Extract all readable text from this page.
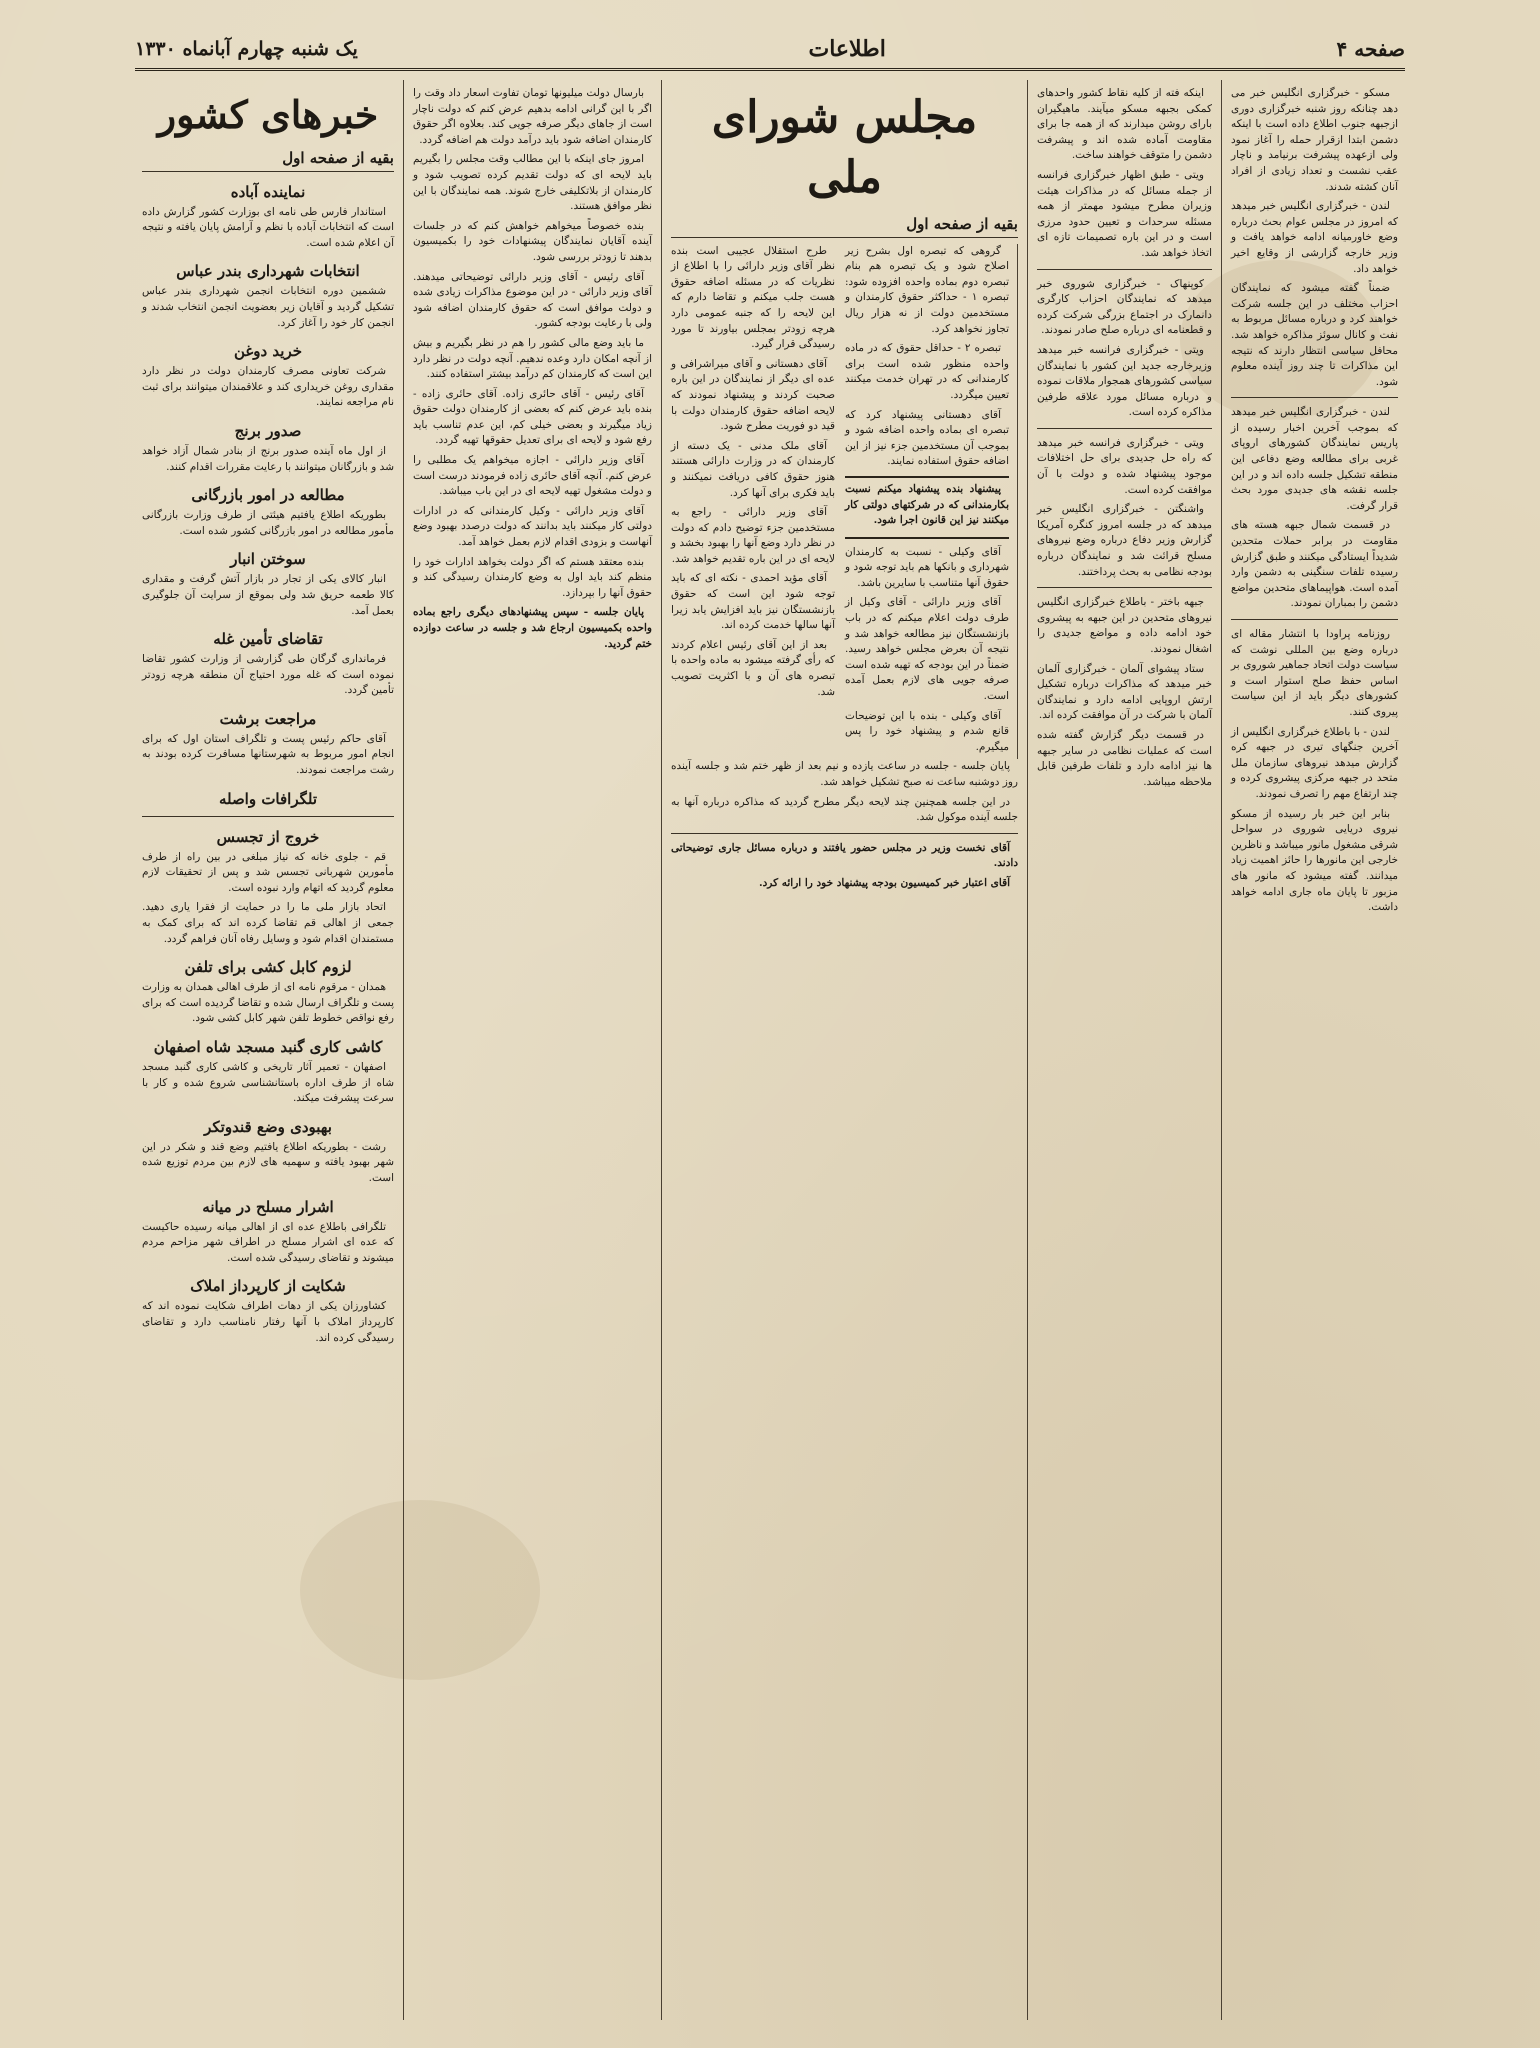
صفحه ۴
اطلاعات
یک شنبه چهارم آبانماه ۱۳۳۰

مسکو - خبرگزاری انگلیس خبر می دهد چنانکه روز شنبه خبرگزاری دوری ازجبهه جنوب اطلاع داده است با اینکه دشمن ابتدا ازقرار حمله را آغاز نمود ولی ازعهده پیشرفت برنیامد و ناچار عقب نشست و تعداد زیادی از افراد آنان کشته شدند.

لندن - خبرگزاری انگلیس خبر میدهد که امروز در مجلس عوام بحث درباره وضع خاورمیانه ادامه خواهد یافت و وزیر خارجه گزارشی از وقایع اخیر خواهد داد.

ضمناً گفته میشود که نمایندگان احزاب مختلف در این جلسه شرکت خواهند کرد و درباره مسائل مربوط به نفت و کانال سوئز مذاکره خواهد شد. محافل سیاسی انتظار دارند که نتیجه این مذاکرات تا چند روز آینده معلوم شود.

لندن - خبرگزاری انگلیس خبر میدهد که بموجب آخرین اخبار رسیده از پاریس نمایندگان کشورهای اروپای غربی برای مطالعه وضع دفاعی این منطقه تشکیل جلسه داده اند و در این جلسه نقشه های جدیدی مورد بحث قرار گرفت.

در قسمت شمال جبهه هسته های مقاومت در برابر حملات متحدین شدیداً ایستادگی میکنند و طبق گزارش رسیده تلفات سنگینی به دشمن وارد آمده است. هواپیماهای متحدین مواضع دشمن را بمباران نمودند.

روزنامه پراودا با انتشار مقاله ای درباره وضع بین المللی نوشت که سیاست دولت اتحاد جماهیر شوروی بر اساس حفظ صلح استوار است و کشورهای دیگر باید از این سیاست پیروی کنند.

لندن - با باطلاع خبرگزاری انگلیس از آخرین جنگهای تیری در جبهه کره گزارش میدهد نیروهای سازمان ملل متحد در جبهه مرکزی پیشروی کرده و چند ارتفاع مهم را تصرف نمودند.

بنابر این خبر بار رسیده از مسکو نیروی دریایی شوروی در سواحل شرقی مشغول مانور میباشد و ناظرین خارجی این مانورها را حائز اهمیت زیاد میدانند. گفته میشود که مانور های مزبور تا پایان ماه جاری ادامه خواهد داشت.

اینکه فته از کلیه نقاط کشور واحدهای کمکی بجبهه مسکو میآیند. ماهیگیران بارای روشن میدارند که از همه جا برای مقاومت آماده شده اند و پیشرفت دشمن را متوقف خواهند ساخت.

ویتی - طبق اظهار خبرگزاری فرانسه از جمله مسائل که در مذاکرات هیئت وزیران مطرح میشود مهمتر از همه مسئله سرحدات و تعیین حدود مرزی است و در این باره تصمیمات تازه ای اتخاذ خواهد شد.

کوپنهاک - خبرگزاری شوروی خبر میدهد که نمایندگان احزاب کارگری دانمارک در اجتماع بزرگی شرکت کرده و قطعنامه ای درباره صلح صادر نمودند.

ویتی - خبرگزاری فرانسه خبر میدهد وزیرخارجه جدید این کشور با نمایندگان سیاسی کشورهای همجوار ملاقات نموده و درباره مسائل مورد علاقه طرفین مذاکره کرده است.

ویتی - خبرگزاری فرانسه خبر میدهد که راه حل جدیدی برای حل اختلافات موجود پیشنهاد شده و دولت با آن موافقت کرده است.

واشنگتن - خبرگزاری انگلیس خبر میدهد که در جلسه امروز کنگره آمریکا گزارش وزیر دفاع درباره وضع نیروهای مسلح قرائت شد و نمایندگان درباره بودجه نظامی به بحث پرداختند.

جبهه باختر - باطلاع خبرگزاری انگلیس نیروهای متحدین در این جبهه به پیشروی خود ادامه داده و مواضع جدیدی را اشغال نمودند.

ستاد پیشوای آلمان - خبرگزاری آلمان خبر میدهد که مذاکرات درباره تشکیل ارتش اروپایی ادامه دارد و نمایندگان آلمان با شرکت در آن موافقت کرده اند.

در قسمت دیگر گزارش گفته شده است که عملیات نظامی در سایر جبهه ها نیز ادامه دارد و تلفات طرفین قابل ملاحظه میباشد.

مجلس شورای ملی
بقیه از صفحه اول

طرح استقلال عجیبی است بنده نظر آقای وزیر دارائی را با اطلاع از نظریات که در مسئله اضافه حقوق هست جلب میکنم و تقاضا دارم که این لایحه را که جنبه عمومی دارد هرچه زودتر بمجلس بیاورند تا مورد رسیدگی قرار گیرد.

آقای دهستانی و آقای میراشرافی و عده ای دیگر از نمایندگان در این باره صحبت کردند و پیشنهاد نمودند که لایحه اضافه حقوق کارمندان دولت با قید دو فوریت مطرح شود.

آقای ملک مدنی - یک دسته از کارمندان که در وزارت دارائی هستند هنوز حقوق کافی دریافت نمیکنند و باید فکری برای آنها کرد.

آقای وزیر دارائی - راجع به مستخدمین جزء توضیح دادم که دولت در نظر دارد وضع آنها را بهبود بخشد و لایحه ای در این باره تقدیم خواهد شد.

آقای مؤید احمدی - نکته ای که باید توجه شود این است که حقوق بازنشستگان نیز باید افزایش یابد زیرا آنها سالها خدمت کرده اند.

بعد از این آقای رئیس اعلام کردند که رأی گرفته میشود به ماده واحده با تبصره های آن و با اکثریت تصویب شد.

گروهی که تبصره اول بشرح زیر اصلاح شود و یک تبصره هم بنام تبصره دوم بماده واحده افزوده شود: تبصره ۱ - حداکثر حقوق کارمندان و مستخدمین دولت از نه هزار ریال تجاوز نخواهد کرد.

تبصره ۲ - حداقل حقوق که در ماده واحده منظور شده است برای کارمندانی که در تهران خدمت میکنند تعیین میگردد.

آقای دهستانی پیشنهاد کرد که تبصره ای بماده واحده اضافه شود و بموجب آن مستخدمین جزء نیز از این اضافه حقوق استفاده نمایند.

پیشنهاد بنده پیشنهاد میکنم نسبت بکارمندانی که در شرکتهای دولتی کار میکنند نیز این قانون اجرا شود.

آقای وکیلی - نسبت به کارمندان شهرداری و بانکها هم باید توجه شود و حقوق آنها متناسب با سایرین باشد.

آقای وزیر دارائی - آقای وکیل از طرف دولت اعلام میکنم که در باب بازنشستگان نیز مطالعه خواهد شد و نتیجه آن بعرض مجلس خواهد رسید. ضمناً در این بودجه که تهیه شده است صرفه جویی های لازم بعمل آمده است.

آقای وکیلی - بنده با این توضیحات قانع شدم و پیشنهاد خود را پس میگیرم.

پایان جلسه - جلسه در ساعت یازده و نیم بعد از ظهر ختم شد و جلسه آینده روز دوشنبه ساعت نه صبح تشکیل خواهد شد.

در این جلسه همچنین چند لایحه دیگر مطرح گردید که مذاکره درباره آنها به جلسه آینده موکول شد.

آقای نخست وزیر در مجلس حضور یافتند و درباره مسائل جاری توضیحاتی دادند.

آقای اعتبار خبر کمیسیون بودجه پیشنهاد خود را ارائه کرد.

بارسال دولت میلیونها تومان تفاوت اسعار داد وقت را اگر با این گرانی ادامه بدهیم عرض کنم که دولت ناچار است از جاهای دیگر صرفه جویی کند. بعلاوه اگر حقوق کارمندان اضافه شود باید درآمد دولت هم اضافه گردد.

امروز جای اینکه با این مطالب وقت مجلس را بگیریم باید لایحه ای که دولت تقدیم کرده تصویب شود و کارمندان از بلاتکلیفی خارج شوند. همه نمایندگان با این نظر موافق هستند.

بنده خصوصاً میخواهم خواهش کنم که در جلسات آینده آقایان نمایندگان پیشنهادات خود را بکمیسیون بدهند تا زودتر بررسی شود.

آقای رئیس - آقای وزیر دارائی توضیحاتی میدهند. آقای وزیر دارائی - در این موضوع مذاکرات زیادی شده و دولت موافق است که حقوق کارمندان اضافه شود ولی با رعایت بودجه کشور.

ما باید وضع مالی کشور را هم در نظر بگیریم و بیش از آنچه امکان دارد وعده ندهیم. آنچه دولت در نظر دارد این است که کارمندان کم درآمد بیشتر استفاده کنند.

آقای رئیس - آقای حائری زاده. آقای حائری زاده - بنده باید عرض کنم که بعضی از کارمندان دولت حقوق زیاد میگیرند و بعضی خیلی کم، این عدم تناسب باید رفع شود و لایحه ای برای تعدیل حقوقها تهیه گردد.

آقای وزیر دارائی - اجازه میخواهم یک مطلبی را عرض کنم. آنچه آقای حائری زاده فرمودند درست است و دولت مشغول تهیه لایحه ای در این باب میباشد.

آقای وزیر دارائی - وکیل کارمندانی که در ادارات دولتی کار میکنند باید بدانند که دولت درصدد بهبود وضع آنهاست و بزودی اقدام لازم بعمل خواهد آمد.

بنده معتقد هستم که اگر دولت بخواهد ادارات خود را منظم کند باید اول به وضع کارمندان رسیدگی کند و حقوق آنها را بپردازد.

پایان جلسه - سپس پیشنهادهای دیگری راجع بماده واحده بکمیسیون ارجاع شد و جلسه در ساعت دوازده ختم گردید.

خبرهای کشور
بقیه از صفحه اول
نماینده آباده

استاندار فارس طی نامه ای بوزارت کشور گزارش داده است که انتخابات آباده با نظم و آرامش پایان یافته و نتیجه آن اعلام شده است.

انتخابات شهرداری بندر عباس

ششمین دوره انتخابات انجمن شهرداری بندر عباس تشکیل گردید و آقایان زیر بعضویت انجمن انتخاب شدند و انجمن کار خود را آغاز کرد.

خرید دوغن

شرکت تعاونی مصرف کارمندان دولت در نظر دارد مقداری روغن خریداری کند و علاقمندان میتوانند برای ثبت نام مراجعه نمایند.

صدور برنج

از اول ماه آینده صدور برنج از بنادر شمال آزاد خواهد شد و بازرگانان میتوانند با رعایت مقررات اقدام کنند.

مطالعه در امور بازرگانی

بطوریکه اطلاع یافتیم هیئتی از طرف وزارت بازرگانی مأمور مطالعه در امور بازرگانی کشور شده است.

سوختن انبار

انبار کالای یکی از تجار در بازار آتش گرفت و مقداری کالا طعمه حریق شد ولی بموقع از سرایت آن جلوگیری بعمل آمد.

تقاضای تأمین غله

فرمانداری گرگان طی گزارشی از وزارت کشور تقاضا نموده است که غله مورد احتیاج آن منطقه هرچه زودتر تأمین گردد.

مراجعت برشت

آقای حاکم رئیس پست و تلگراف استان اول که برای انجام امور مربوط به شهرستانها مسافرت کرده بودند به رشت مراجعت نمودند.

تلگرافات واصله
خروج از تجسس

قم - جلوی خانه که نیاز مبلغی در بین راه از طرف مأمورین شهربانی تجسس شد و پس از تحقیقات لازم معلوم گردید که اتهام وارد نبوده است.

اتحاد بازار ملی ما را در حمایت از فقرا یاری دهید. جمعی از اهالی قم تقاضا کرده اند که برای کمک به مستمندان اقدام شود و وسایل رفاه آنان فراهم گردد.

لزوم کابل کشی برای تلفن

همدان - مرقوم نامه ای از طرف اهالی همدان به وزارت پست و تلگراف ارسال شده و تقاضا گردیده است که برای رفع نواقص خطوط تلفن شهر کابل کشی شود.

کاشی کاری گنبد مسجد شاه اصفهان

اصفهان - تعمیر آثار تاریخی و کاشی کاری گنبد مسجد شاه از طرف اداره باستانشناسی شروع شده و کار با سرعت پیشرفت میکند.

بهبودی وضع قندوتکر

رشت - بطوریکه اطلاع یافتیم وضع قند و شکر در این شهر بهبود یافته و سهمیه های لازم بین مردم توزیع شده است.

اشرار مسلح در میانه

تلگرافی باطلاع عده ای از اهالی میانه رسیده حاکیست که عده ای اشرار مسلح در اطراف شهر مزاحم مردم میشوند و تقاضای رسیدگی شده است.

شکایت از کارپرداز املاک

کشاورزان یکی از دهات اطراف شکایت نموده اند که کارپرداز املاک با آنها رفتار نامناسب دارد و تقاضای رسیدگی کرده اند.
